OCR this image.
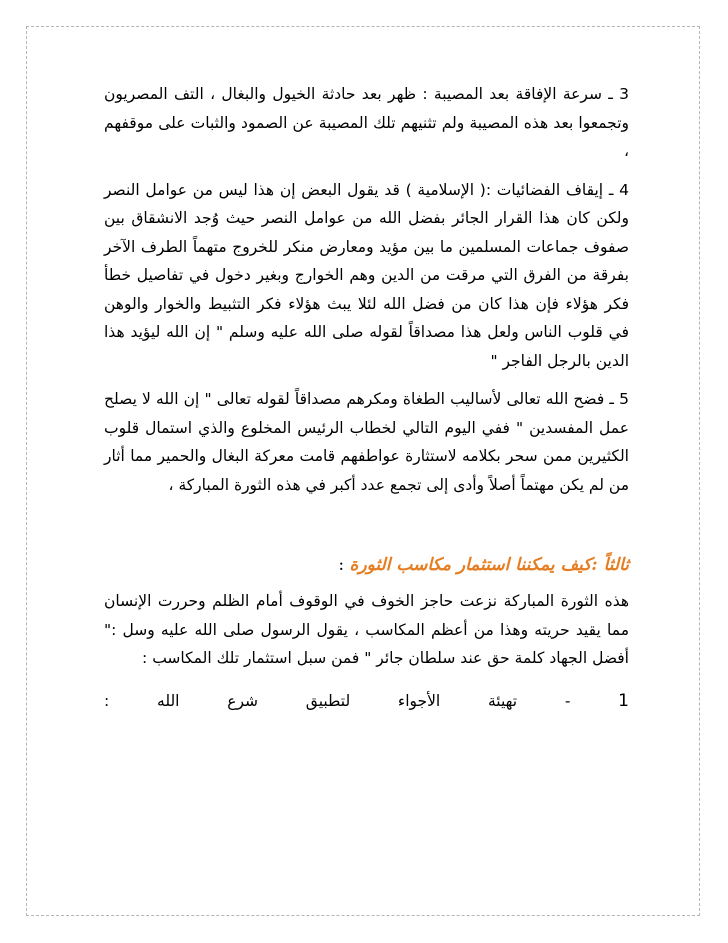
3 ـ سرعة الإفاقة بعد المصيبة : ظهر بعد حادثة الخيول والبغال ، التف المصريون وتجمعوا بعد هذه المصيبة ولم تثنيهم تلك المصيبة عن الصمود والثبات على موقفهم ،

4 ـ إيقاف الفضائيات :( الإسلامية ) قد يقول البعض إن هذا ليس من عوامل النصر ولكن كان هذا القرار الجائر بفضل الله من عوامل النصر حيث وُجد الانشقاق بين صفوف جماعات المسلمين ما بين مؤيد ومعارض منكر للخروج متهماً الطرف الآخر بفرقة من الفرق التي مرقت من الدين وهم الخوارج وبغير دخول في تفاصيل خطأ فكر هؤلاء فإن هذا كان من فضل الله لئلا يبث هؤلاء فكر التثبيط والخوار والوهن في قلوب الناس ولعل هذا مصداقاً لقوله صلى الله عليه وسلم " إن الله ليؤيد هذا الدين بالرجل الفاجر "

5 ـ فضح الله تعالى لأساليب الطغاة ومكرهم مصداقاً لقوله تعالى " إن الله لا يصلح عمل المفسدين " ففي اليوم التالي لخطاب الرئيس المخلوع والذي استمال قلوب الكثيرين ممن سحر بكلامه لاستثارة عواطفهم قامت معركة البغال والحمير مما أثار من لم يكن مهتماً أصلاً وأدى إلى تجمع عدد أكبر في هذه الثورة المباركة ،

ثالثاً :كيف يمكننا استثمار مكاسب الثورة :

هذه الثورة المباركة نزعت حاجز الخوف في الوقوف أمام الظلم وحررت الإنسان مما يقيد حريته وهذا من أعظم المكاسب ، يقول الرسول صلى الله عليه وسل :" أفضل الجهاد كلمة حق عند سلطان جائر " فمن سبل استثمار تلك المكاسب :

1
-
تهيئة
الأجواء
لتطبيق
شرع
الله
:
